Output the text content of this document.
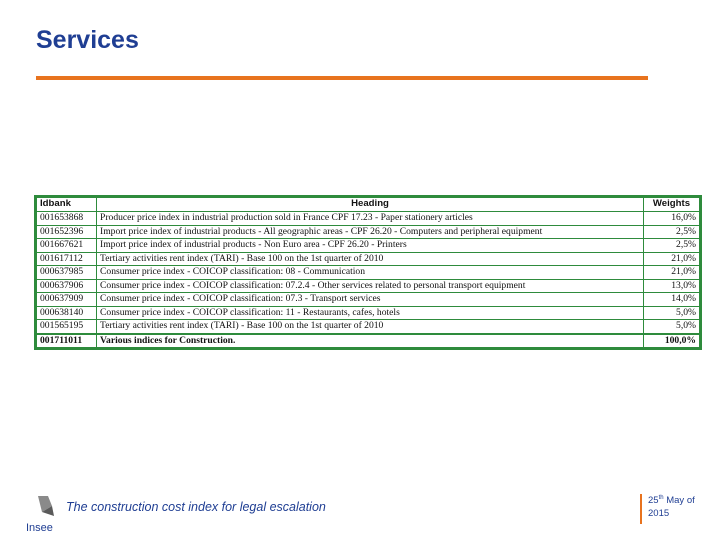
Services
Idbank	Heading	Weights
001653868	Producer price index in industrial production sold in France CPF 17.23 - Paper stationery articles	16,0%
001652396	Import price index of industrial products - All geographic areas - CPF 26.20 - Computers and peripheral equipment	2,5%
001667621	Import price index of industrial products - Non Euro area - CPF 26.20 - Printers	2,5%
001617112	Tertiary activities rent index (TARI) - Base 100 on the 1st quarter of 2010	21,0%
000637985	Consumer price index - COICOP classification: 08 - Communication	21,0%
000637906	Consumer price index - COICOP classification: 07.2.4 - Other services related to personal transport equipment	13,0%
000637909	Consumer price index - COICOP classification: 07.3 - Transport services	14,0%
000638140	Consumer price index - COICOP classification: 11 - Restaurants, cafes, hotels	5,0%
001565195	Tertiary activities rent index (TARI) - Base 100 on the 1st quarter of 2010	5,0%
001711011	Various indices for Construction.	100,0%
Insee
The construction cost index for legal escalation	25th May of 2015
